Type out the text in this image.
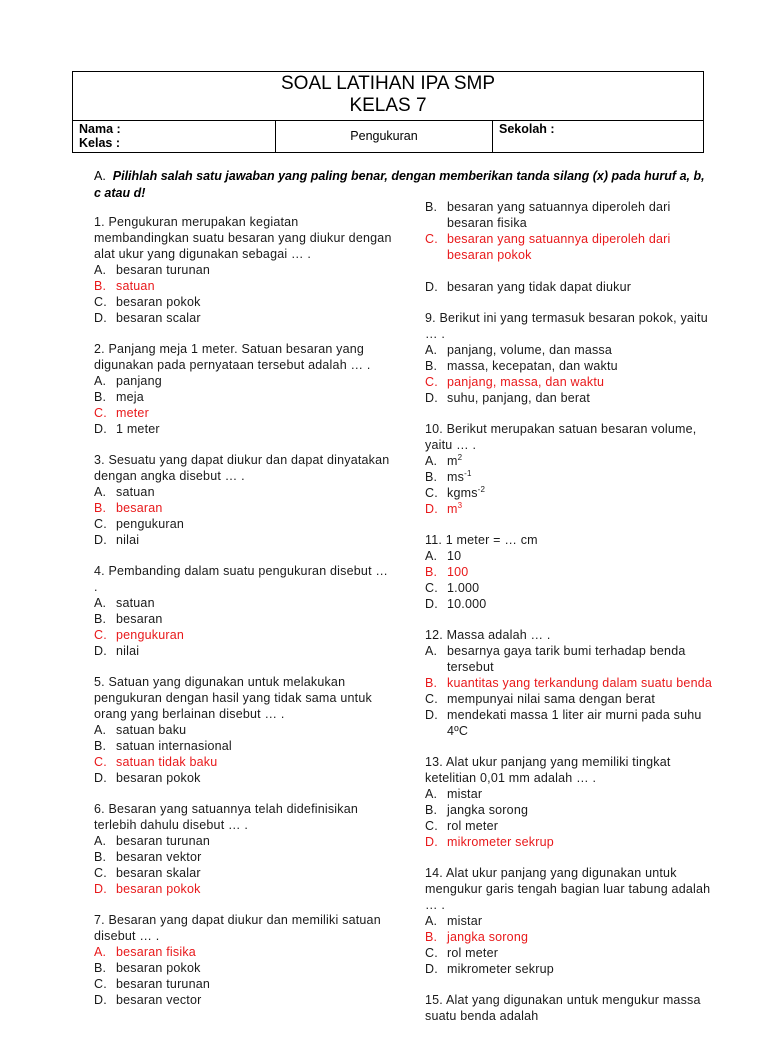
SOAL LATIHAN IPA SMP
KELAS 7
Nama :
Kelas :	Pengukuran	Sekolah :
A. Pilihlah salah satu jawaban yang paling benar, dengan memberikan tanda silang (x) pada huruf a, b, c atau d!
1. Pengukuran merupakan kegiatan membandingkan suatu besaran yang diukur dengan alat ukur yang digunakan sebagai … .
A. besaran turunan
B. satuan
C. besaran pokok
D. besaran scalar
2. Panjang meja 1 meter. Satuan besaran yang digunakan pada pernyataan tersebut adalah … .
A. panjang
B. meja
C. meter
D. 1 meter
3. Sesuatu yang dapat diukur dan dapat dinyatakan dengan angka disebut … .
A. satuan
B. besaran
C. pengukuran
D. nilai
4. Pembanding dalam suatu pengukuran disebut … .
A. satuan
B. besaran
C. pengukuran
D. nilai
5. Satuan yang digunakan untuk melakukan pengukuran dengan hasil yang tidak sama untuk orang yang berlainan disebut … .
A. satuan baku
B. satuan internasional
C. satuan tidak baku
D. besaran pokok
6. Besaran yang satuannya telah didefinisikan terlebih dahulu disebut … .
A. besaran turunan
B. besaran vektor
C. besaran skalar
D. besaran pokok
7. Besaran yang dapat diukur dan memiliki satuan disebut … .
A. besaran fisika
B. besaran pokok
C. besaran turunan
D. besaran vector
B. besaran yang satuannya diperoleh dari besaran fisika
C. besaran yang satuannya diperoleh dari besaran pokok
D. besaran yang tidak dapat diukur
9. Berikut ini yang termasuk besaran pokok, yaitu … .
A. panjang, volume, dan massa
B. massa, kecepatan, dan waktu
C. panjang, massa, dan waktu
D. suhu, panjang, dan berat
10. Berikut merupakan satuan besaran volume, yaitu … .
A. $m^2$
B. $ms^{-1}$
C. kgms$^{-2}$
D. $m^3$
11. 1 meter = … cm
A. 10
B. 100
C. 1.000
D. 10.000
12. Massa adalah … .
A. besarnya gaya tarik bumi terhadap benda tersebut
B. kuantitas yang terkandung dalam suatu benda
C. mempunyai nilai sama dengan berat
D. mendekati massa 1 liter air murni pada suhu 4ºC
13. Alat ukur panjang yang memiliki tingkat ketelitian 0,01 mm adalah … .
A. mistar
B. jangka sorong
C. rol meter
D. mikrometer sekrup
14. Alat ukur panjang yang digunakan untuk mengukur garis tengah bagian luar tabung adalah … .
A. mistar
B. jangka sorong
C. rol meter
D. mikrometer sekrup
15. Alat yang digunakan untuk mengukur massa suatu benda adalah
